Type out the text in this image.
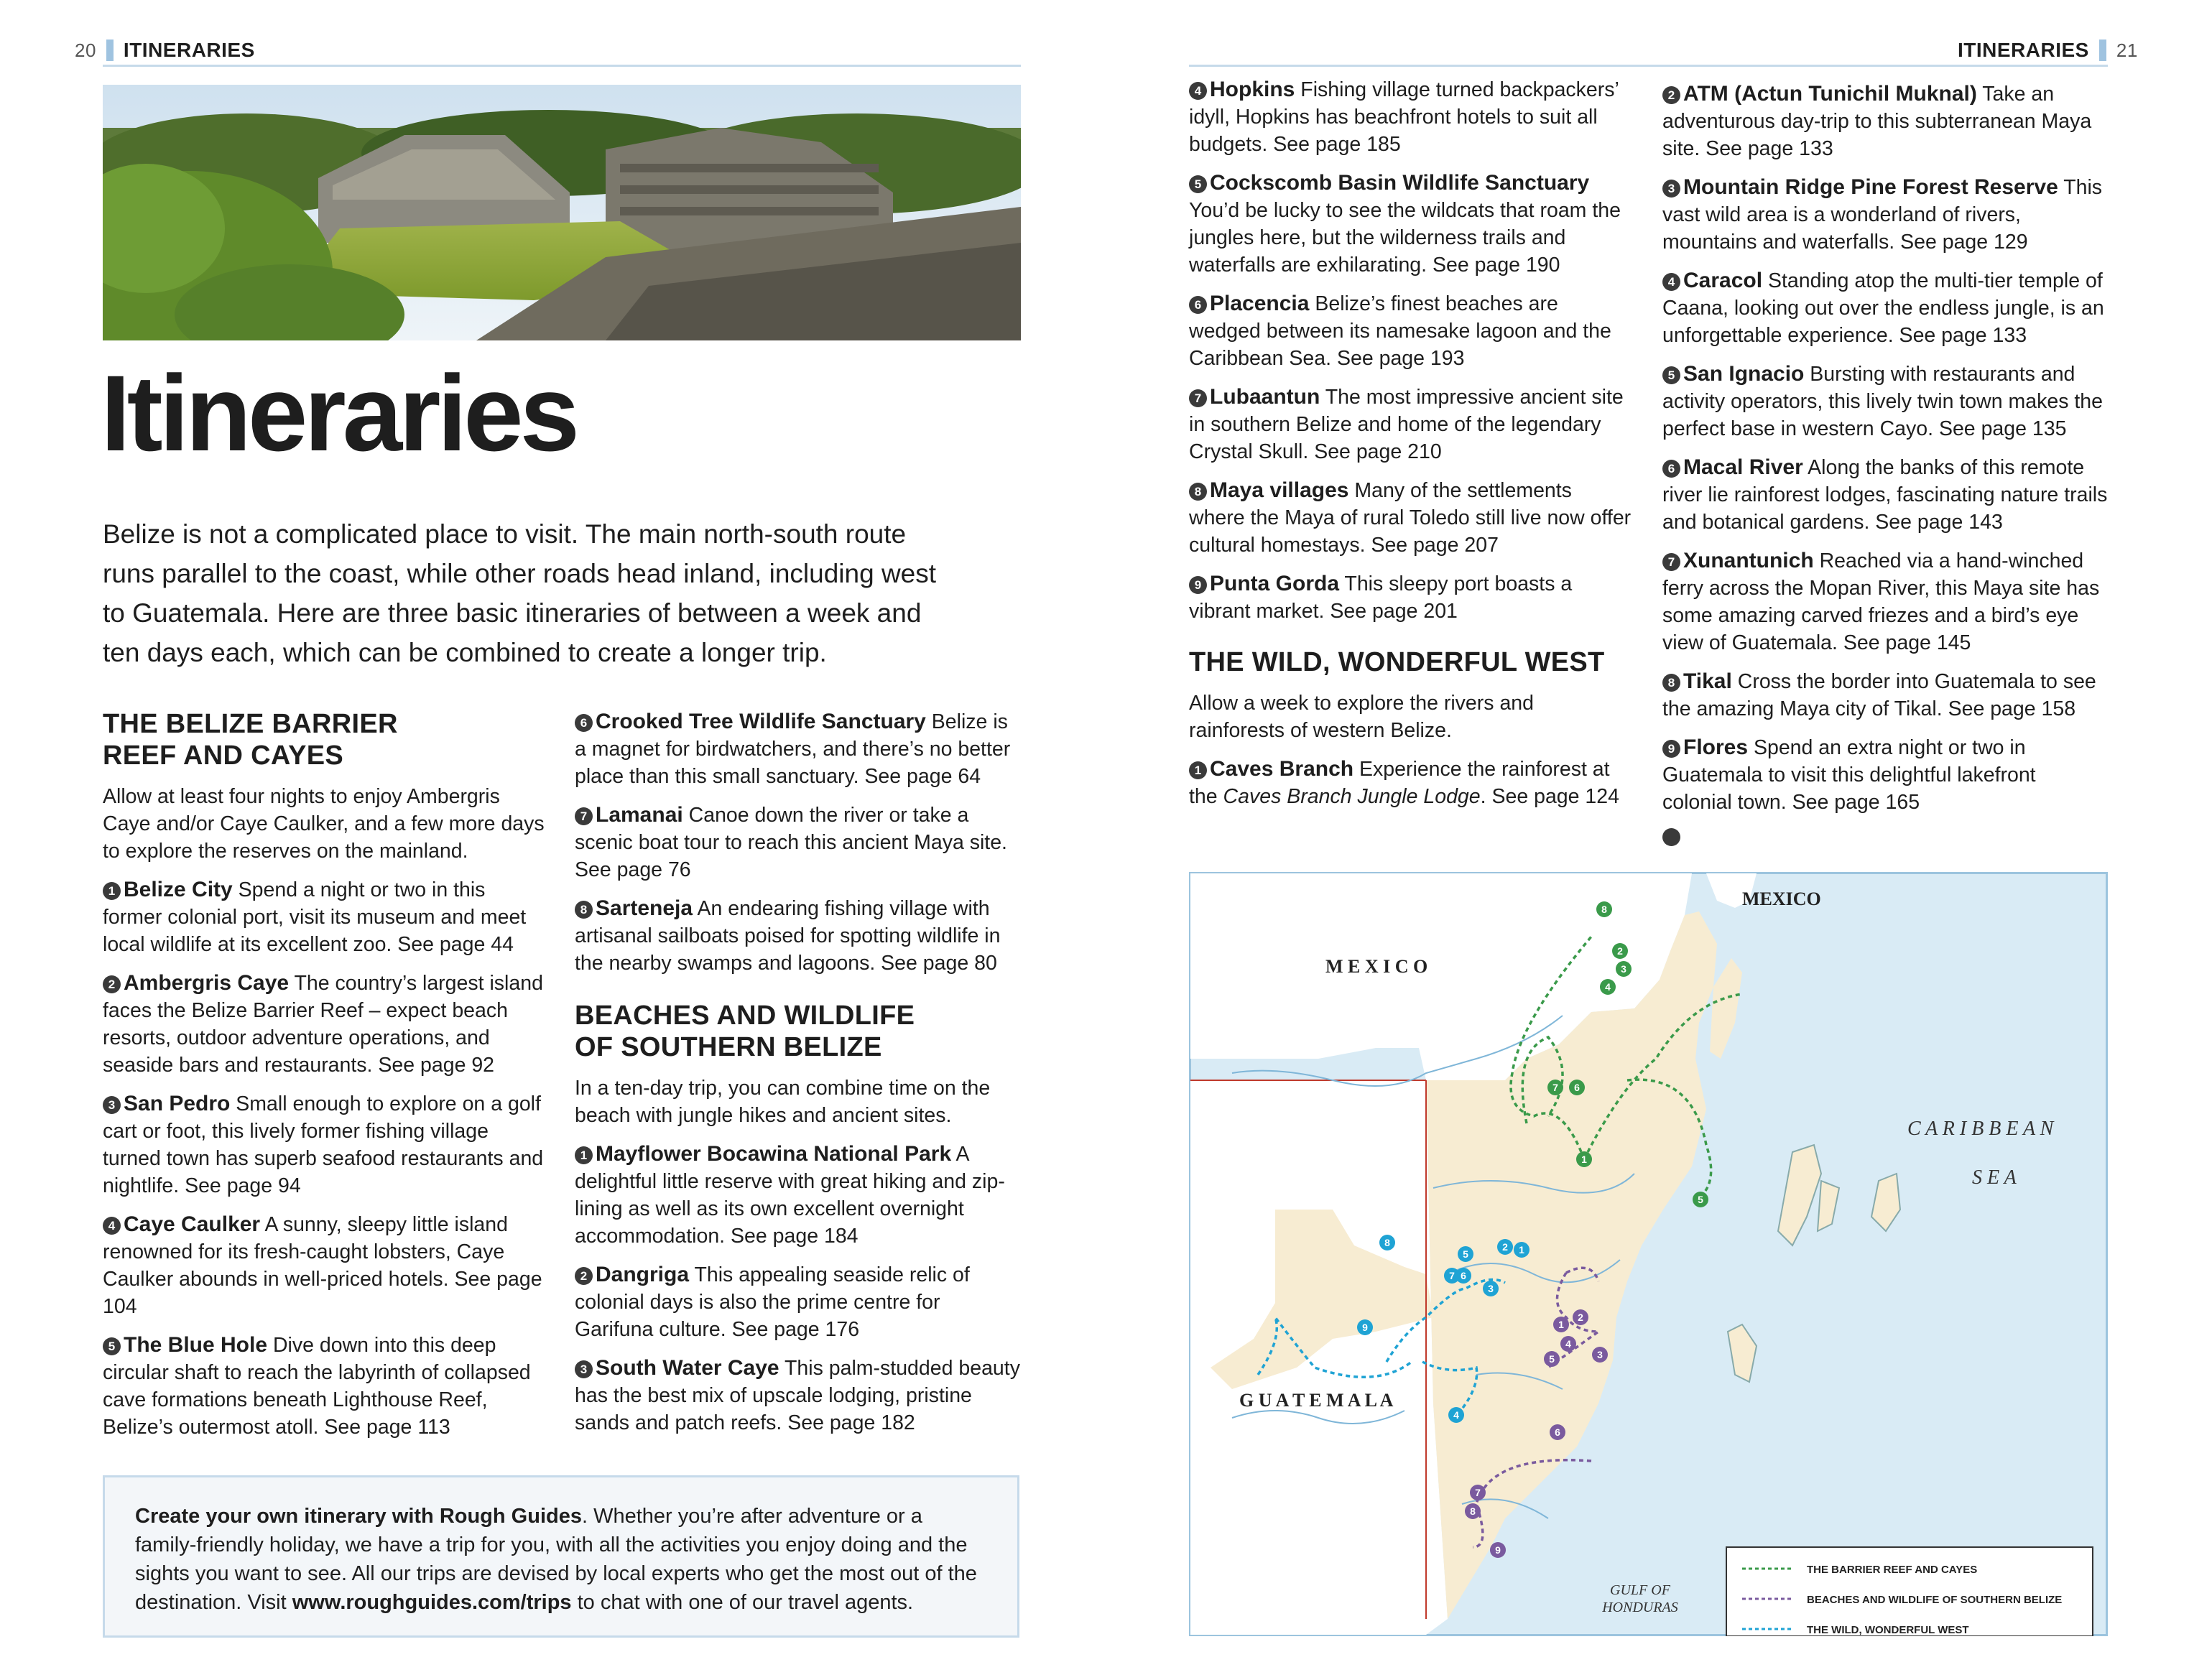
20 ITINERARIES	ITINERARIES 21
Itineraries
Belize is not a complicated place to visit. The main north-south route runs parallel to the coast, while other roads head inland, including west to Guatemala. Here are three basic itineraries of between a week and ten days each, which can be combined to create a longer trip.
THE BELIZE BARRIER
REEF AND CAYES

Allow at least four nights to enjoy Ambergris Caye and/or Caye Caulker, and a few more days to explore the reserves on the mainland.

1 Belize City Spend a night or two in this former colonial port, visit its museum and meet local wildlife at its excellent zoo. See page 44

2 Ambergris Caye The country’s largest island faces the Belize Barrier Reef – expect beach resorts, outdoor adventure operations, and seaside bars and restaurants. See page 92

3 San Pedro Small enough to explore on a golf cart or foot, this lively former fishing village turned town has superb seafood restaurants and nightlife. See page 94

4 Caye Caulker A sunny, sleepy little island renowned for its fresh-caught lobsters, Caye Caulker abounds in well-priced hotels. See page 104

5 The Blue Hole Dive down into this deep circular shaft to reach the labyrinth of collapsed cave formations beneath Lighthouse Reef, Belize’s outermost atoll. See page 113

6 Crooked Tree Wildlife Sanctuary Belize is a magnet for birdwatchers, and there’s no better place than this small sanctuary. See page 64

7 Lamanai Canoe down the river or take a scenic boat tour to reach this ancient Maya site. See page 76

8 Sarteneja An endearing fishing village with artisanal sailboats poised for spotting wildlife in the nearby swamps and lagoons. See page 80

BEACHES AND WILDLIFE
OF SOUTHERN BELIZE

In a ten-day trip, you can combine time on the beach with jungle hikes and ancient sites.

1 Mayflower Bocawina National Park A delightful little reserve with great hiking and zip-lining as well as its own excellent overnight accommodation. See page 184

2 Dangriga This appealing seaside relic of colonial days is also the prime centre for Garifuna culture. See page 176

3 South Water Caye This palm-studded beauty has the best mix of upscale lodging, pristine sands and patch reefs. See page 182

4 Hopkins Fishing village turned backpackers’ idyll, Hopkins has beachfront hotels to suit all budgets. See page 185

5 Cockscomb Basin Wildlife Sanctuary You’d be lucky to see the wildcats that roam the jungles here, but the wilderness trails and waterfalls are exhilarating. See page 190

6 Placencia Belize’s finest beaches are wedged between its namesake lagoon and the Caribbean Sea. See page 193

7 Lubaantun The most impressive ancient site in southern Belize and home of the legendary Crystal Skull. See page 210

8 Maya villages Many of the settlements where the Maya of rural Toledo still live now offer cultural homestays. See page 207

9 Punta Gorda This sleepy port boasts a vibrant market. See page 201

THE WILD, WONDERFUL WEST

Allow a week to explore the rivers and rainforests of western Belize.

1 Caves Branch Experience the rainforest at the Caves Branch Jungle Lodge. See page 124

2 ATM (Actun Tunichil Muknal) Take an adventurous day-trip to this subterranean Maya site. See page 133

3 Mountain Ridge Pine Forest Reserve This vast wild area is a wonderland of rivers, mountains and waterfalls. See page 129

4 Caracol Standing atop the multi-tier temple of Caana, looking out over the endless jungle, is an unforgettable experience. See page 133

5 San Ignacio Bursting with restaurants and activity operators, this lively twin town makes the perfect base in western Cayo. See page 135

6 Macal River Along the banks of this remote river lie rainforest lodges, fascinating nature trails and botanical gardens. See page 143

7 Xunantunich Reached via a hand-winched ferry across the Mopan River, this Maya site has some amazing carved friezes and a bird’s eye view of Guatemala. See page 145

8 Tikal Cross the border into Guatemala to see the amazing Maya city of Tikal. See page 158

9 Flores Spend an extra night or two in Guatemala to visit this delightful lakefront colonial town. See page 165

Create your own itinerary with Rough Guides. Whether you’re after adventure or a family-friendly holiday, we have a trip for you, with all the activities you enjoy doing and the sights you want to see. All our trips are devised by local experts who get the most out of the destination. Visit www.roughguides.com/trips to chat with one of our travel agents.
1
2
3
4
5
6
7
8
1
2
3
4
5
6
7
8
9	1
2
3
4
5
6
7
8
9
MEXICO
M E X I C O
C A R I B B E A N
S E A
G U A T E M A L A
GULF OF
HONDURAS
THE BARRIER REEF AND CAYES
BEACHES AND WILDLIFE OF SOUTHERN BELIZE
THE WILD, WONDERFUL WEST
